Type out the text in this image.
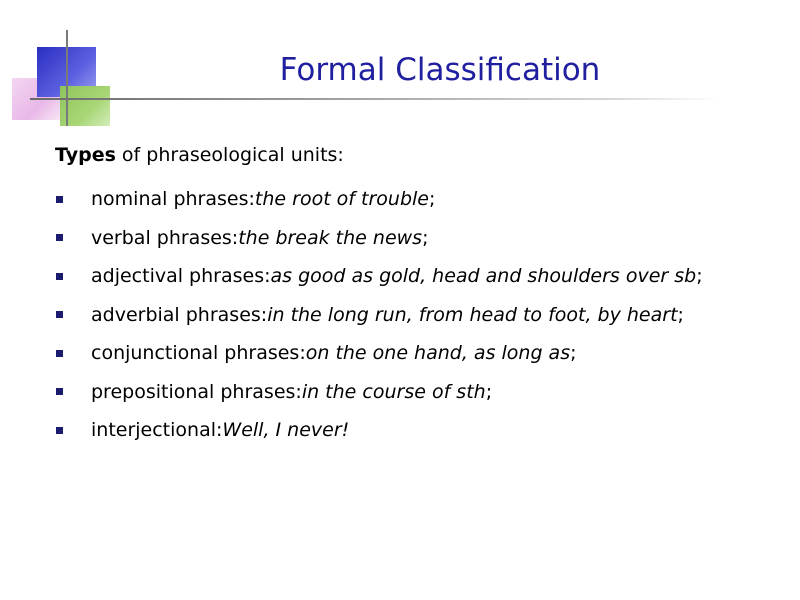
Formal Classification
Types of phraseological units:
nominal phrases: the root of trouble ;
verbal phrases: the break the news ;
adjectival phrases: as good as gold, head and shoulders over sb ;
adverbial phrases: in the long run, from head to foot, by heart ;
conjunctional phrases: on the one hand, as long as ;
prepositional phrases: in the course of sth ;
interjectional: Well, I never!
